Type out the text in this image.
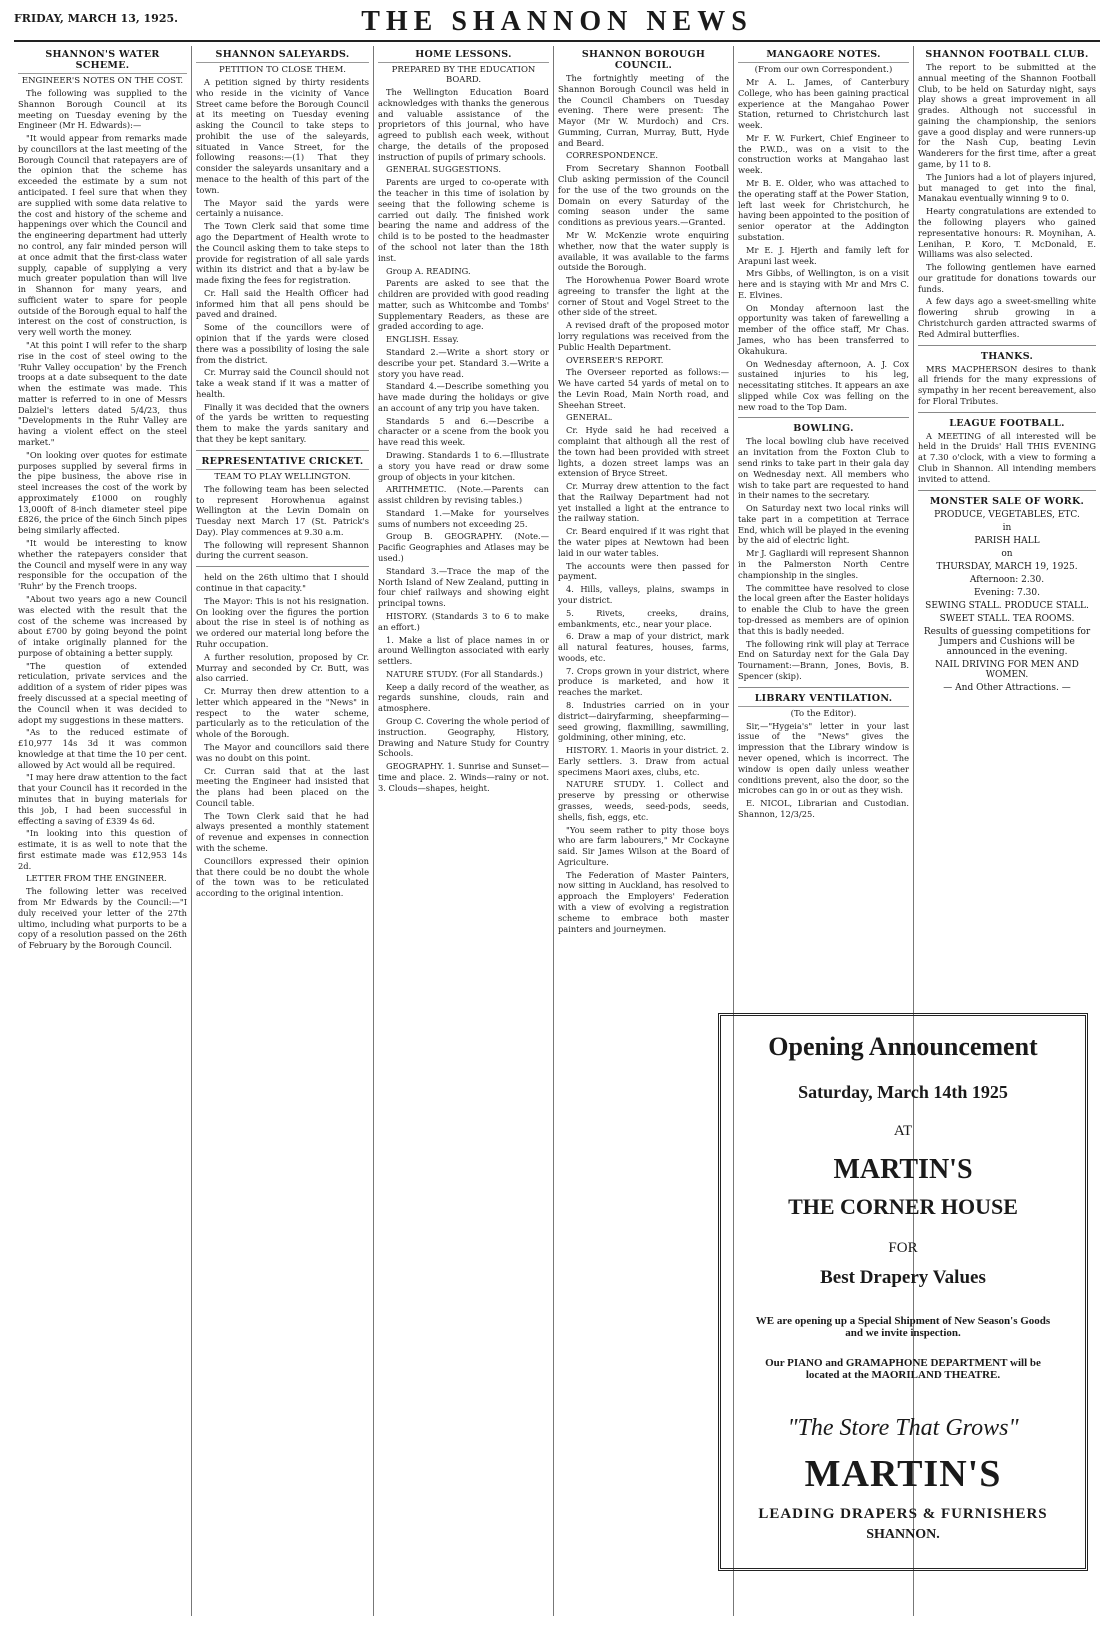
FRIDAY, MARCH 13, 1925.	THE SHANNON NEWS
SHANNON'S WATER SCHEME.
ENGINEER'S NOTES ON THE COST.
The following was supplied to the Shannon Borough Council at its meeting on Tuesday evening by the Engineer (Mr H. Edwards):—
"It would appear from remarks made by councillors at the last meeting of the Borough Council that ratepayers are of the opinion that the scheme has exceeded the estimate by a sum not anticipated. I feel sure that when they are supplied with some data relative to the cost and history of the scheme and happenings over which the Council and the engineering department had utterly no control, any fair minded person will at once admit that the first-class water supply, capable of supplying a very much greater population than will live in Shannon for many years, and sufficient water to spare for people outside of the Borough equal to half the interest on the cost of construction, is very well worth the money.
"At this point I will refer to the sharp rise in the cost of steel owing to the 'Ruhr Valley occupation' by the French troops at a date subsequent to the date when the estimate was made. This matter is referred to in one of Messrs Dalziel's letters dated 5/4/23, thus "Developments in the Ruhr Valley are having a violent effect on the steel market."
"On looking over quotes for estimate purposes supplied by several firms in the pipe business, the above rise in steel increases the cost of the work by approximately £1000 on roughly 13,000ft of 8-inch diameter steel pipe £826, the price of the 6inch 5inch pipes being similarly affected.
"It would be interesting to know whether the ratepayers consider that the Council and myself were in any way responsible for the occupation of the 'Ruhr' by the French troops.
"About two years ago a new Council was elected with the result that the cost of the scheme was increased by about £700 by going beyond the point of intake originally planned for the purpose of obtaining a better supply.
"The question of extended reticulation, private services and the addition of a system of rider pipes was freely discussed at a special meeting of the Council when it was decided to adopt my suggestions in these matters.
"As to the reduced estimate of £10,977 14s 3d it was common knowledge at that time the 10 per cent. allowed by Act would all be required.
"I may here draw attention to the fact that your Council has it recorded in the minutes that in buying materials for this job, I had been successful in effecting a saving of £339 4s 6d.
"In looking into this question of estimate, it is as well to note that the first estimate made was £12,953 14s 2d.
LETTER FROM THE ENGINEER.
The following letter was received from Mr Edwards by the Council:—"I duly received your letter of the 27th ultimo, including what purports to be a copy of a resolution passed on the 26th of February by the Borough Council.
SHANNON SALEYARDS.
PETITION TO CLOSE THEM.
A petition signed by thirty residents who reside in the vicinity of Vance Street came before the Borough Council at its meeting on Tuesday evening asking the Council to take steps to prohibit the use of the saleyards, situated in Vance Street, for the following reasons:—(1) That they consider the saleyards unsanitary and a menace to the health of this part of the town.
The Mayor said the yards were certainly a nuisance.
The Town Clerk said that some time ago the Department of Health wrote to the Council asking them to take steps to provide for registration of all sale yards within its district and that a by-law be made fixing the fees for registration.
Cr. Hall said the Health Officer had informed him that all pens should be paved and drained.
Some of the councillors were of opinion that if the yards were closed there was a possibility of losing the sale from the district.
Cr. Murray said the Council should not take a weak stand if it was a matter of health.
Finally it was decided that the owners of the yards be written to requesting them to make the yards sanitary and that they be kept sanitary.
REPRESENTATIVE CRICKET.
TEAM TO PLAY WELLINGTON.
The following team has been selected to represent Horowhenua against Wellington at the Levin Domain on Tuesday next March 17 (St. Patrick's Day). Play commences at 9.30 a.m.
The following will represent Shannon during the current season.
held on the 26th ultimo that I should continue in that capacity."
The Mayor: This is not his resignation. On looking over the figures the portion about the rise in steel is of nothing as we ordered our material long before the Ruhr occupation.
A further resolution, proposed by Cr. Murray and seconded by Cr. Butt, was also carried.
Cr. Murray then drew attention to a letter which appeared in the "News" in respect to the water scheme, particularly as to the reticulation of the whole of the Borough.
The Mayor and councillors said there was no doubt on this point.
Cr. Curran said that at the last meeting the Engineer had insisted that the plans had been placed on the Council table.
The Town Clerk said that he had always presented a monthly statement of revenue and expenses in connection with the scheme.
Councillors expressed their opinion that there could be no doubt the whole of the town was to be reticulated according to the original intention.
HOME LESSONS.
PREPARED BY THE EDUCATION BOARD.
The Wellington Education Board acknowledges with thanks the generous and valuable assistance of the proprietors of this journal, who have agreed to publish each week, without charge, the details of the proposed instruction of pupils of primary schools.
GENERAL SUGGESTIONS.
Parents are urged to co-operate with the teacher in this time of isolation by seeing that the following scheme is carried out daily. The finished work bearing the name and address of the child is to be posted to the headmaster of the school not later than the 18th inst.
Group A. READING.
Parents are asked to see that the children are provided with good reading matter, such as Whitcombe and Tombs' Supplementary Readers, as these are graded according to age.
ENGLISH. Essay.
Standard 2.—Write a short story or describe your pet. Standard 3.—Write a story you have read.
Standard 4.—Describe something you have made during the holidays or give an account of any trip you have taken.
Standards 5 and 6.—Describe a character or a scene from the book you have read this week.
Drawing. Standards 1 to 6.—Illustrate a story you have read or draw some group of objects in your kitchen.
ARITHMETIC. (Note.—Parents can assist children by revising tables.)
Standard 1.—Make for yourselves sums of numbers not exceeding 25.
Group B. GEOGRAPHY. (Note.—Pacific Geographies and Atlases may be used.)
Standard 3.—Trace the map of the North Island of New Zealand, putting in four chief railways and showing eight principal towns.
HISTORY. (Standards 3 to 6 to make an effort.)
1. Make a list of place names in or around Wellington associated with early settlers.
NATURE STUDY. (For all Standards.)
Keep a daily record of the weather, as regards sunshine, clouds, rain and atmosphere.
Group C. Covering the whole period of instruction. Geography, History, Drawing and Nature Study for Country Schools.
GEOGRAPHY. 1. Sunrise and Sunset—time and place. 2. Winds—rainy or not. 3. Clouds—shapes, height.
SHANNON BOROUGH COUNCIL.
The fortnightly meeting of the Shannon Borough Council was held in the Council Chambers on Tuesday evening. There were present: The Mayor (Mr W. Murdoch) and Crs. Gumming, Curran, Murray, Butt, Hyde and Beard.
CORRESPONDENCE.
From Secretary Shannon Football Club asking permission of the Council for the use of the two grounds on the Domain on every Saturday of the coming season under the same conditions as previous years.—Granted.
Mr W. McKenzie wrote enquiring whether, now that the water supply is available, it was available to the farms outside the Borough.
The Horowhenua Power Board wrote agreeing to transfer the light at the corner of Stout and Vogel Street to the other side of the street.
A revised draft of the proposed motor lorry regulations was received from the Public Health Department.
OVERSEER'S REPORT.
The Overseer reported as follows:—We have carted 54 yards of metal on to the Levin Road, Main North road, and Sheehan Street.
GENERAL.
Cr. Hyde said he had received a complaint that although all the rest of the town had been provided with street lights, a dozen street lamps was an extension of Bryce Street.
Cr. Murray drew attention to the fact that the Railway Department had not yet installed a light at the entrance to the railway station.
Cr. Beard enquired if it was right that the water pipes at Newtown had been laid in our water tables.
The accounts were then passed for payment.
4. Hills, valleys, plains, swamps in your district.
5. Rivets, creeks, drains, embankments, etc., near your place.
6. Draw a map of your district, mark all natural features, houses, farms, woods, etc.
7. Crops grown in your district, where produce is marketed, and how it reaches the market.
8. Industries carried on in your district—dairyfarming, sheepfarming—seed growing, flaxmilling, sawmilling, goldmining, other mining, etc.
HISTORY. 1. Maoris in your district. 2. Early settlers. 3. Draw from actual specimens Maori axes, clubs, etc.
NATURE STUDY. 1. Collect and preserve by pressing or otherwise grasses, weeds, seed-pods, seeds, shells, fish, eggs, etc.
"You seem rather to pity those boys who are farm labourers," Mr Cockayne said. Sir James Wilson at the Board of Agriculture.
The Federation of Master Painters, now sitting in Auckland, has resolved to approach the Employers' Federation with a view of evolving a registration scheme to embrace both master painters and journeymen.
MANGAORE NOTES.
(From our own Correspondent.)
Mr A. L. James, of Canterbury College, who has been gaining practical experience at the Mangahao Power Station, returned to Christchurch last week.
Mr F. W. Furkert, Chief Engineer to the P.W.D., was on a visit to the construction works at Mangahao last week.
Mr B. E. Older, who was attached to the operating staff at the Power Station, left last week for Christchurch, he having been appointed to the position of senior operator at the Addington substation.
Mr E. J. Hjerth and family left for Arapuni last week.
Mrs Gibbs, of Wellington, is on a visit here and is staying with Mr and Mrs C. E. Elvines.
On Monday afternoon last the opportunity was taken of farewelling a member of the office staff, Mr Chas. James, who has been transferred to Okahukura.
On Wednesday afternoon, A. J. Cox sustained injuries to his leg, necessitating stitches. It appears an axe slipped while Cox was felling on the new road to the Top Dam.
BOWLING.
The local bowling club have received an invitation from the Foxton Club to send rinks to take part in their gala day on Wednesday next. All members who wish to take part are requested to hand in their names to the secretary.
On Saturday next two local rinks will take part in a competition at Terrace End, which will be played in the evening by the aid of electric light.
Mr J. Gagliardi will represent Shannon in the Palmerston North Centre championship in the singles.
The committee have resolved to close the local green after the Easter holidays to enable the Club to have the green top-dressed as members are of opinion that this is badly needed.
The following rink will play at Terrace End on Saturday next for the Gala Day Tournament:—Brann, Jones, Bovis, B. Spencer (skip).
LIBRARY VENTILATION.
(To the Editor).
Sir,—"Hygeia's" letter in your last issue of the "News" gives the impression that the Library window is never opened, which is incorrect. The window is open daily unless weather conditions prevent, also the door, so the microbes can go in or out as they wish.
E. NICOL, Librarian and Custodian. Shannon, 12/3/25.
SHANNON FOOTBALL CLUB.
The report to be submitted at the annual meeting of the Shannon Football Club, to be held on Saturday night, says play shows a great improvement in all grades. Although not successful in gaining the championship, the seniors gave a good display and were runners-up for the Nash Cup, beating Levin Wanderers for the first time, after a great game, by 11 to 8.
The Juniors had a lot of players injured, but managed to get into the final, Manakau eventually winning 9 to 0.
Hearty congratulations are extended to the following players who gained representative honours: R. Moynihan, A. Lenihan, P. Koro, T. McDonald, E. Williams was also selected.
The following gentlemen have earned our gratitude for donations towards our funds.
A few days ago a sweet-smelling white flowering shrub growing in a Christchurch garden attracted swarms of Red Admiral butterflies.
THANKS.
MRS MACPHERSON desires to thank all friends for the many expressions of sympathy in her recent bereavement, also for Floral Tributes.
LEAGUE FOOTBALL.
A MEETING of all interested will be held in the Druids' Hall THIS EVENING at 7.30 o'clock, with a view to forming a Club in Shannon. All intending members invited to attend.
MONSTER SALE OF WORK.
PRODUCE, VEGETABLES, ETC.
in
PARISH HALL
on
THURSDAY, MARCH 19, 1925.
Afternoon: 2.30.
Evening: 7.30.
SEWING STALL. PRODUCE STALL.
SWEET STALL. TEA ROOMS.
Results of guessing competitions for Jumpers and Cushions will be announced in the evening.
NAIL DRIVING FOR MEN AND WOMEN.
— And Other Attractions. —
Opening Announcement
Saturday, March 14th 1925
AT
MARTIN'S
THE CORNER HOUSE
FOR
Best Drapery Values
WE are opening up a Special Shipment of New Season's Goods and we invite inspection.
Our PIANO and GRAMAPHONE DEPARTMENT will be located at the MAORILAND THEATRE.
"The Store That Grows"
MARTIN'S
LEADING DRAPERS & FURNISHERS
SHANNON.
